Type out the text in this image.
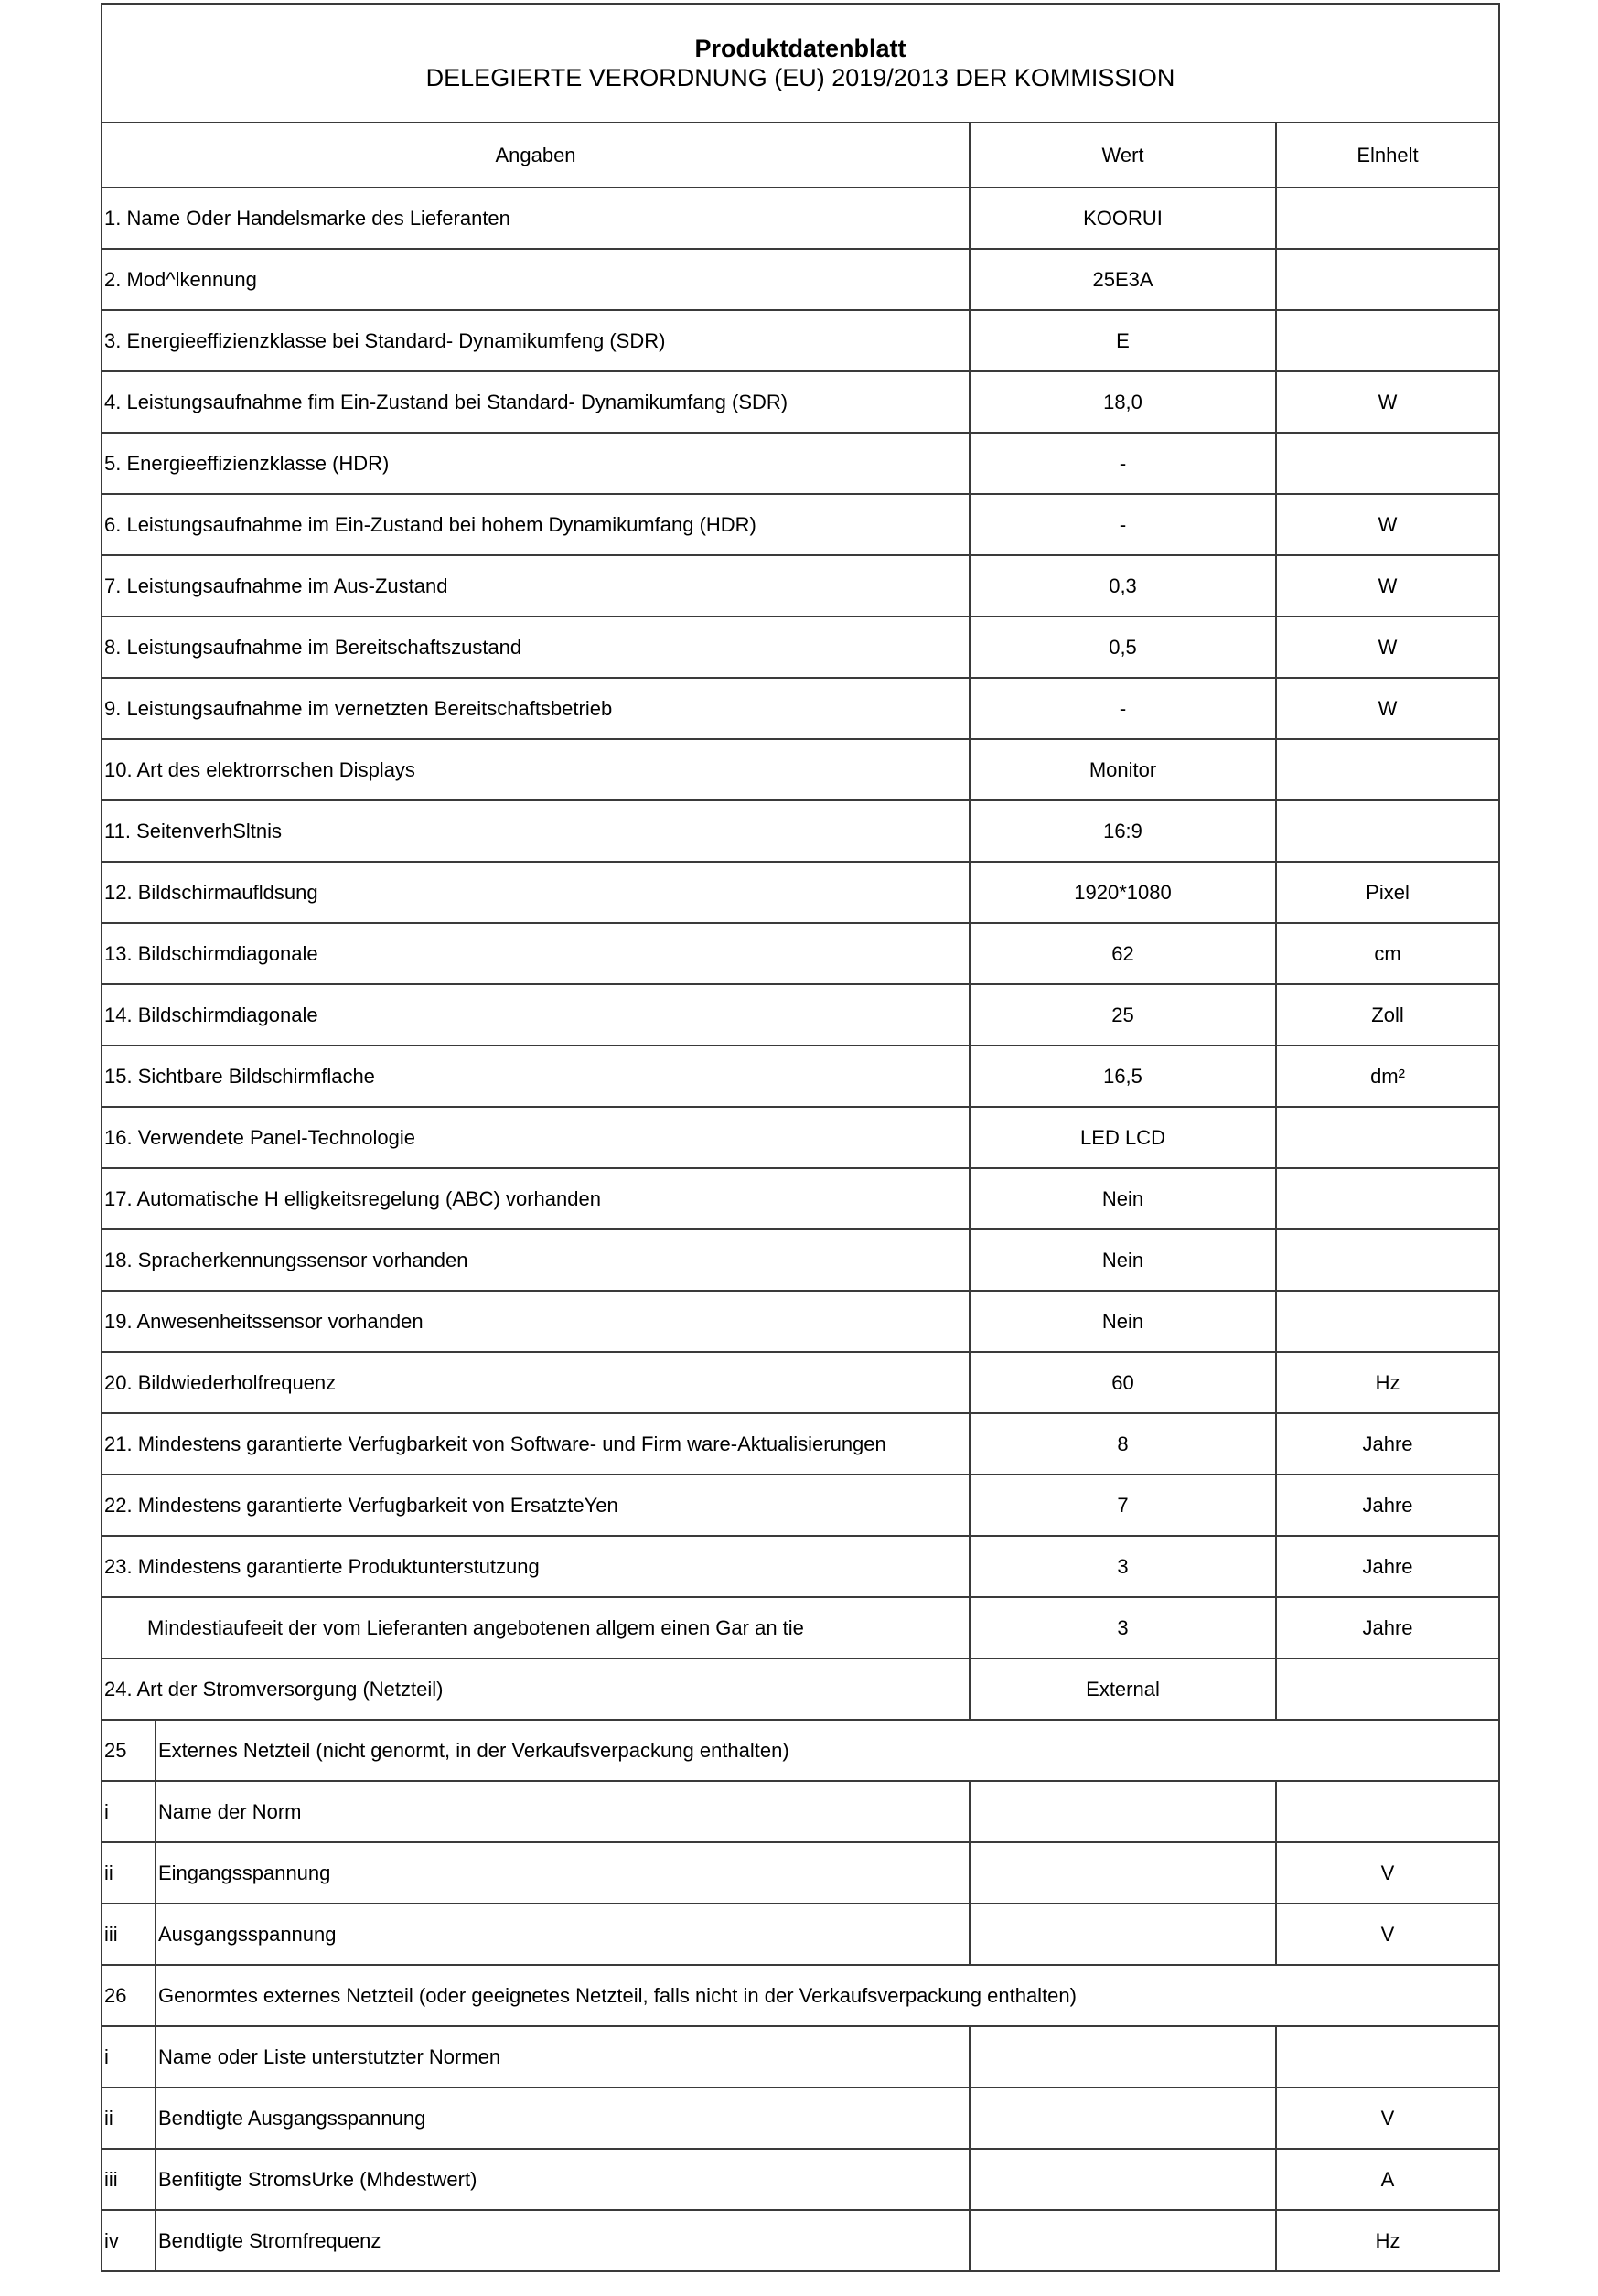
Produktdatenblatt
DELEGIERTE VERORDNUNG (EU) 2019/2013 DER KOMMISSION			

Angaben		Wert	Elnhelt
1. Name Oder Handelsmarke des Lieferanten		KOORUI	
2. Mod^lkennung		25E3A	
3. Energieeffizienzklasse bei Standard- Dynamikumfeng (SDR)		E	
4. Leistungsaufnahme fim Ein-Zustand bei Standard- Dynamikumfang (SDR)		18,0	W
5. Energieeffizienzklasse (HDR)		-	
6. Leistungsaufnahme im Ein-Zustand bei hohem Dynamikumfang (HDR)		-	W
7. Leistungsaufnahme im Aus-Zustand		0,3	W
8. Leistungsaufnahme im Bereitschaftszustand		0,5	W
9. Leistungsaufnahme im vernetzten Bereitschaftsbetrieb		-	W
10. Art des elektrorrschen Displays		Monitor	
11. SeitenverhSltnis		16:9	
12. Bildschirmaufldsung		1920*1080	Pixel
13. Bildschirmdiagonale		62	cm
14. Bildschirmdiagonale		25	Zoll
15. Sichtbare Bildschirmflache		16,5	dm²
16. Verwendete Panel-Technologie		LED LCD	
17. Automatische H elligkeitsregelung (ABC) vorhanden		Nein	
18. Spracherkennungssensor vorhanden		Nein	
19. Anwesenheitssensor vorhanden		Nein	
20. Bildwiederholfrequenz		60	Hz
21. Mindestens garantierte Verfugbarkeit von Software- und Firm ware-Aktualisierungen		8	Jahre
22. Mindestens garantierte Verfugbarkeit von ErsatzteYen		7	Jahre
23. Mindestens garantierte Produktunterstutzung		3	Jahre
Mindestiaufeeit der vom Lieferanten angebotenen allgem einen Gar an tie		3	Jahre
24. Art der Stromversorgung (Netzteil)		External	
25	Externes Netzteil (nicht genormt, in der Verkaufsverpackung enthalten)		
i	Name der Norm		
ii	Eingangsspannung		V
iii	Ausgangsspannung		V
26	Genormtes externes Netzteil (oder geeignetes Netzteil, falls nicht in der Verkaufsverpackung enthalten)		
i	Name oder Liste unterstutzter Normen		
ii	Bendtigte Ausgangsspannung		V
iii	Benfitigte StromsUrke (Mhdestwert)		A
iv	Bendtigte Stromfrequenz		Hz
